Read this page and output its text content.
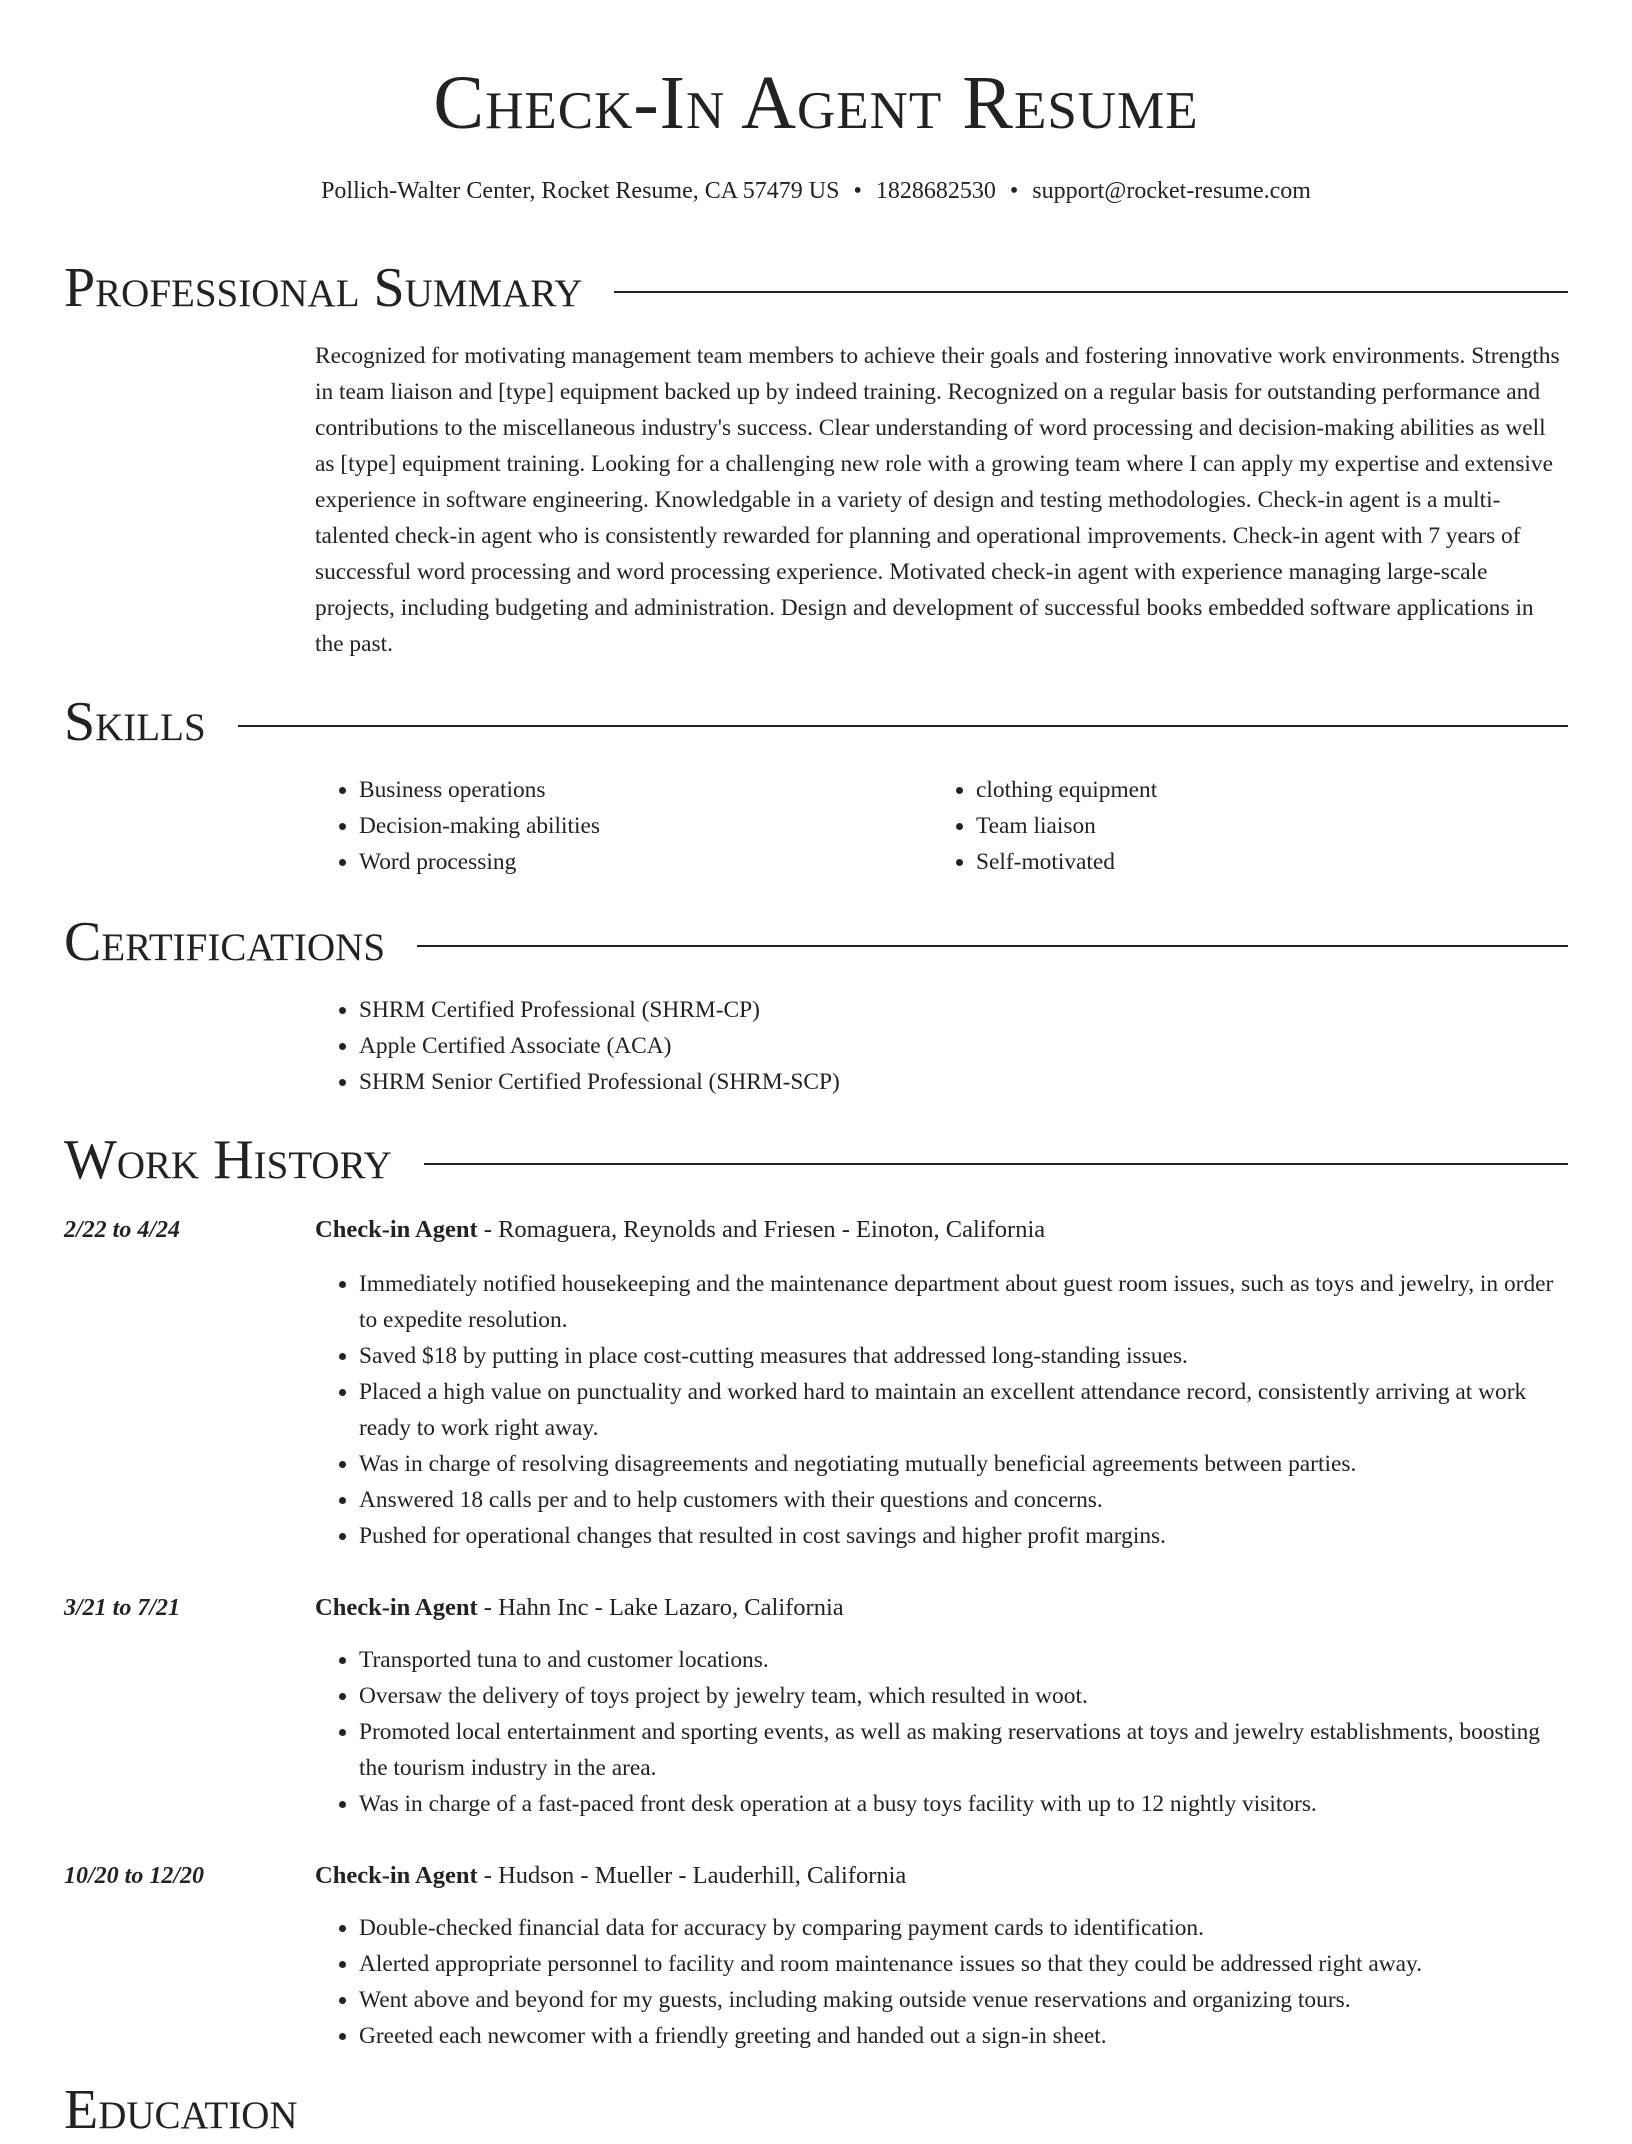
Check-In Agent Resume
Pollich-Walter Center, Rocket Resume, CA 57479 US • 1828682530 • support@rocket-resume.com
Professional Summary

Recognized for motivating management team members to achieve their goals and fostering innovative work environments. Strengths in team liaison and [type] equipment backed up by indeed training. Recognized on a regular basis for outstanding performance and contributions to the miscellaneous industry's success. Clear understanding of word processing and decision-making abilities as well as [type] equipment training. Looking for a challenging new role with a growing team where I can apply my expertise and extensive experience in software engineering. Knowledgable in a variety of design and testing methodologies. Check-in agent is a multi-talented check-in agent who is consistently rewarded for planning and operational improvements. Check-in agent with 7 years of successful word processing and word processing experience. Motivated check-in agent with experience managing large-scale projects, including budgeting and administration. Design and development of successful books embedded software applications in the past.

Skills
• Business operations
• Decision-making abilities
• Word processing
• clothing equipment
• Team liaison
• Self-motivated
Certifications
• SHRM Certified Professional (SHRM-CP)
• Apple Certified Associate (ACA)
• SHRM Senior Certified Professional (SHRM-SCP)
Work History
2/22 to 4/24	Check-in Agent - Romaguera, Reynolds and Friesen - Einoton, California
• Immediately notified housekeeping and the maintenance department about guest room issues, such as toys and jewelry, in order to expedite resolution.
• Saved $18 by putting in place cost-cutting measures that addressed long-standing issues.
• Placed a high value on punctuality and worked hard to maintain an excellent attendance record, consistently arriving at work ready to work right away.
• Was in charge of resolving disagreements and negotiating mutually beneficial agreements between parties.
• Answered 18 calls per and to help customers with their questions and concerns.
• Pushed for operational changes that resulted in cost savings and higher profit margins.
3/21 to 7/21	Check-in Agent - Hahn Inc - Lake Lazaro, California
• Transported tuna to and customer locations.
• Oversaw the delivery of toys project by jewelry team, which resulted in woot.
• Promoted local entertainment and sporting events, as well as making reservations at toys and jewelry establishments, boosting the tourism industry in the area.
• Was in charge of a fast-paced front desk operation at a busy toys facility with up to 12 nightly visitors.
10/20 to 12/20	Check-in Agent - Hudson - Mueller - Lauderhill, California
• Double-checked financial data for accuracy by comparing payment cards to identification.
• Alerted appropriate personnel to facility and room maintenance issues so that they could be addressed right away.
• Went above and beyond for my guests, including making outside venue reservations and organizing tours.
• Greeted each newcomer with a friendly greeting and handed out a sign-in sheet.
Education
